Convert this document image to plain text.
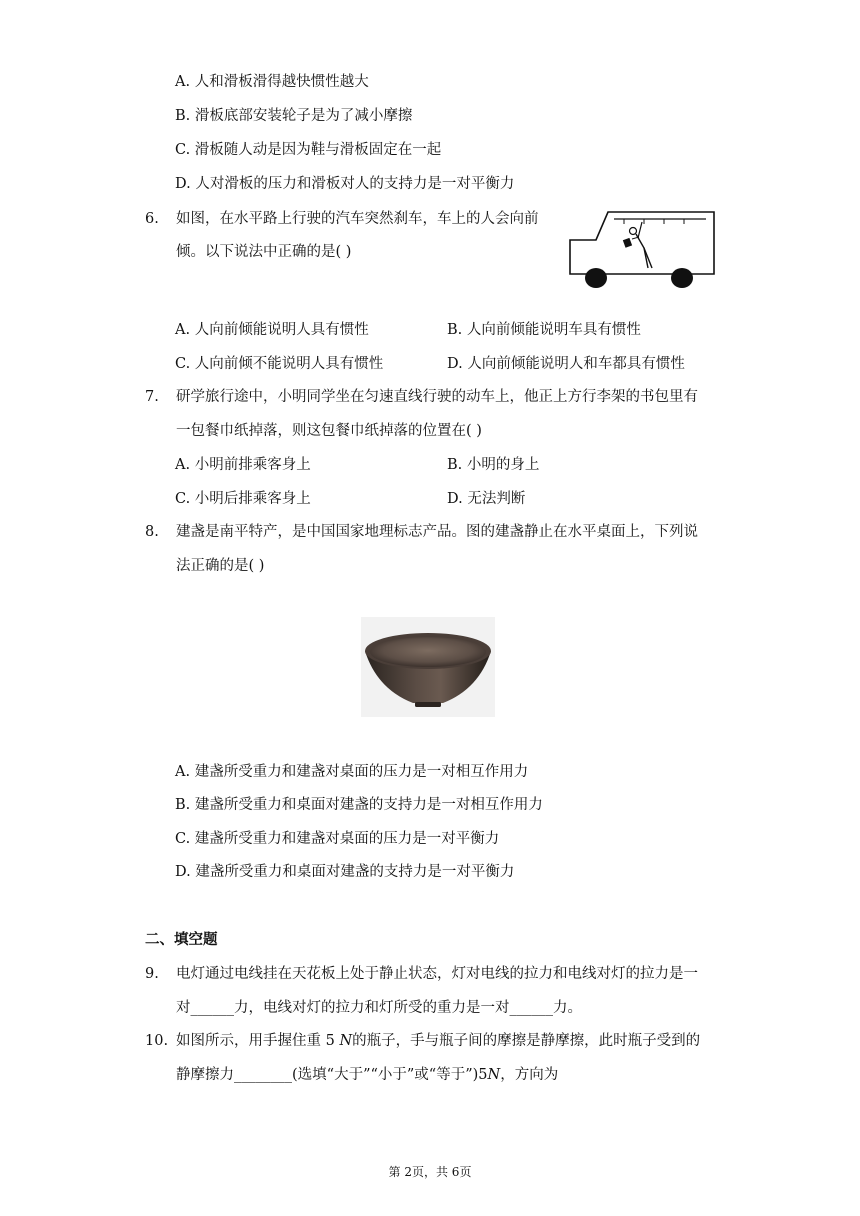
A. 人和滑板滑得越快惯性越大
B. 滑板底部安装轮子是为了减小摩擦
C. 滑板随人动是因为鞋与滑板固定在一起
D. 人对滑板的压力和滑板对人的支持力是一对平衡力
6. 如图，在水平路上行驶的汽车突然刹车，车上的人会向前
倾。以下说法中正确的是( )
A. 人向前倾能说明人具有惯性	B. 人向前倾能说明车具有惯性
C. 人向前倾不能说明人具有惯性	D. 人向前倾能说明人和车都具有惯性
7. 研学旅行途中，小明同学坐在匀速直线行驶的动车上，他正上方行李架的书包里有
一包餐巾纸掉落，则这包餐巾纸掉落的位置在( )
A. 小明前排乘客身上	B. 小明的身上
C. 小明后排乘客身上	D. 无法判断
8. 建盏是南平特产，是中国国家地理标志产品。图的建盏静止在水平桌面上，下列说
法正确的是( )
A. 建盏所受重力和建盏对桌面的压力是一对相互作用力
B. 建盏所受重力和桌面对建盏的支持力是一对相互作用力
C. 建盏所受重力和建盏对桌面的压力是一对平衡力
D. 建盏所受重力和桌面对建盏的支持力是一对平衡力
二、填空题
9. 电灯通过电线挂在天花板上处于静止状态，灯对电线的拉力和电线对灯的拉力是一
对______力，电线对灯的拉力和灯所受的重力是一对______力。
10. 如图所示，用手握住重 5 𝑁的瓶子，手与瓶子间的摩擦是静摩擦，此时瓶子受到的
静摩擦力________(选填“大于”“小于”或“等于”)5𝑁，方向为
第 2页，共 6页
